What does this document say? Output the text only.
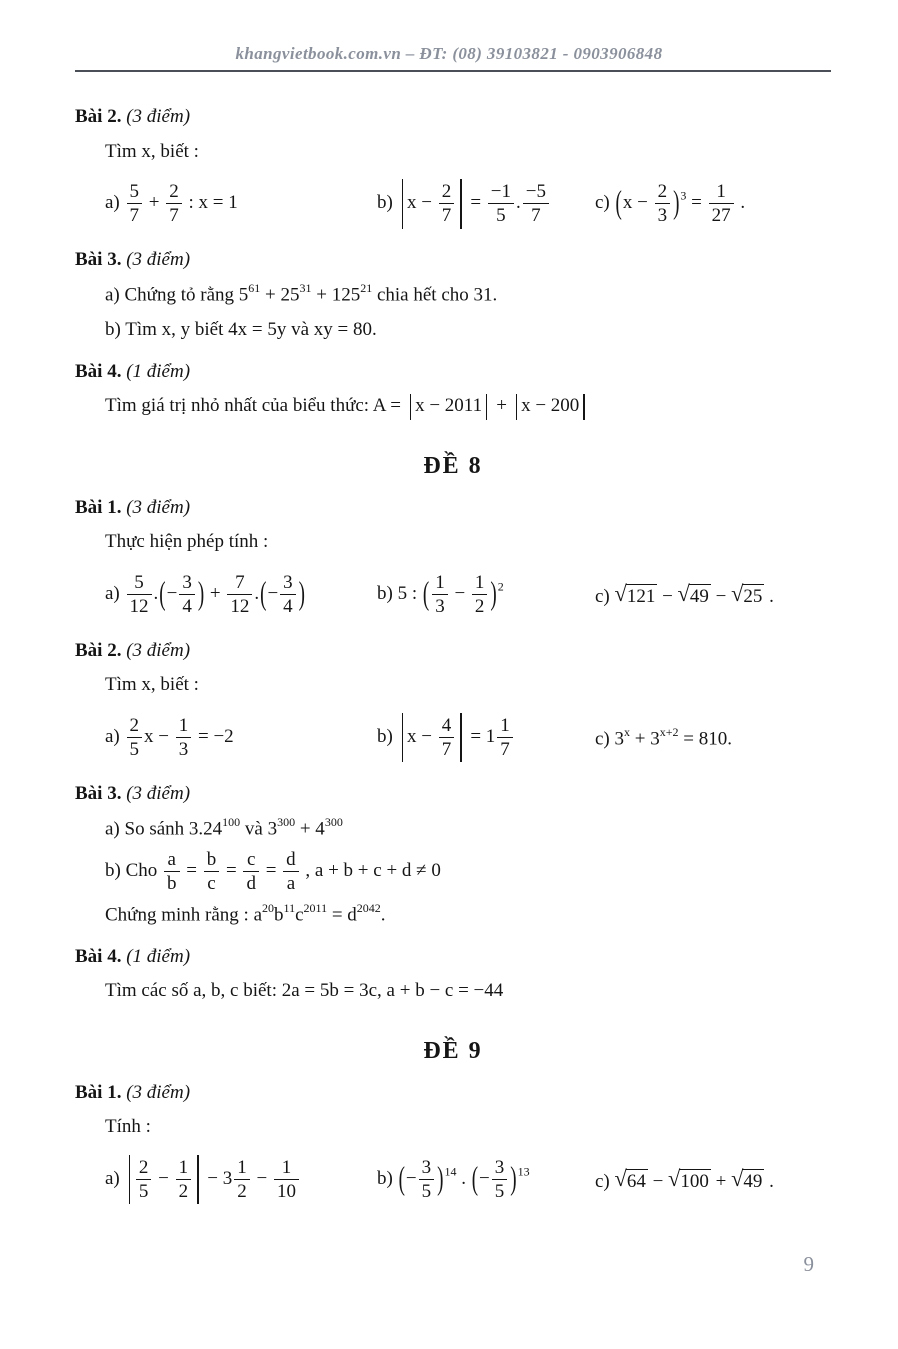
khangvietbook.com.vn – ĐT: (08) 39103821 - 0903906848
Bài 2. (3 điểm)
Tìm x, biết :
$a) \frac{5}{7} + \frac{2}{7}$ : x = 1	b) $x - \frac{2}{7} = \frac{-1}{5}$ . $\frac{-5}{7} c$) $(x - \frac{2}{3} )^3 = \frac{1}{27}$ .
Bài 3. (3 điểm)
a) Chứng tỏ rằng $5^{61} + 25^{31} + 125^{21}$ chia hết cho 31.
b) Tìm x, y biết 4x = 5y và xy = 80.
Bài 4. (1 điểm)
Tìm giá trị nhỏ nhất của biểu thức: A = x − 2011 + x − 200
ĐỀ 8
Bài 1. (3 điểm)
Thực hiện phép tính :
$a) \frac{5}{12}$ .(− $\frac{3}{4}$ ) + $\frac{7}{12}$ .(− $\frac{3}{4}$ )	b) 5 : ( $\frac{1}{3} - \frac{1}{2} )^2$	c) √121 − √49 − √25 .
Bài 2. (3 điểm)
Tìm x, biết :
$a) \frac{2}{5}$ $x - \frac{1}{3} = -2$	b) $x - \frac{4}{7} = 1 \frac{1}{7}$	c) $3^x + 3^{x+2} = 810$.
Bài 3. (3 điểm)
a) So sánh 3.24$^{100}$ và $3^{300} + 4^{300}$
b) Cho $\frac{a}{b} = \frac{b}{c} = \frac{c}{d} = \frac{d}{a}$ , a + b + c + d ≠ 0
Chứng minh rằng : $a^{20}b^{11}c^{2011} = d^{2042}$.
Bài 4. (1 điểm)
Tìm các số a, b, c biết: 2a = 5b = 3c, a + b − c = −44
ĐỀ 9
Bài 1. (3 điểm)
Tính :
$a) \frac{2}{5} - \frac{1}{2} - 3 \frac{1}{2} - \frac{1}{10}$	b) (− $\frac{3}{5} )^{14}$ . (− $\frac{3}{5} )^{13}$	c) √64 − √100 + √49 .
9
